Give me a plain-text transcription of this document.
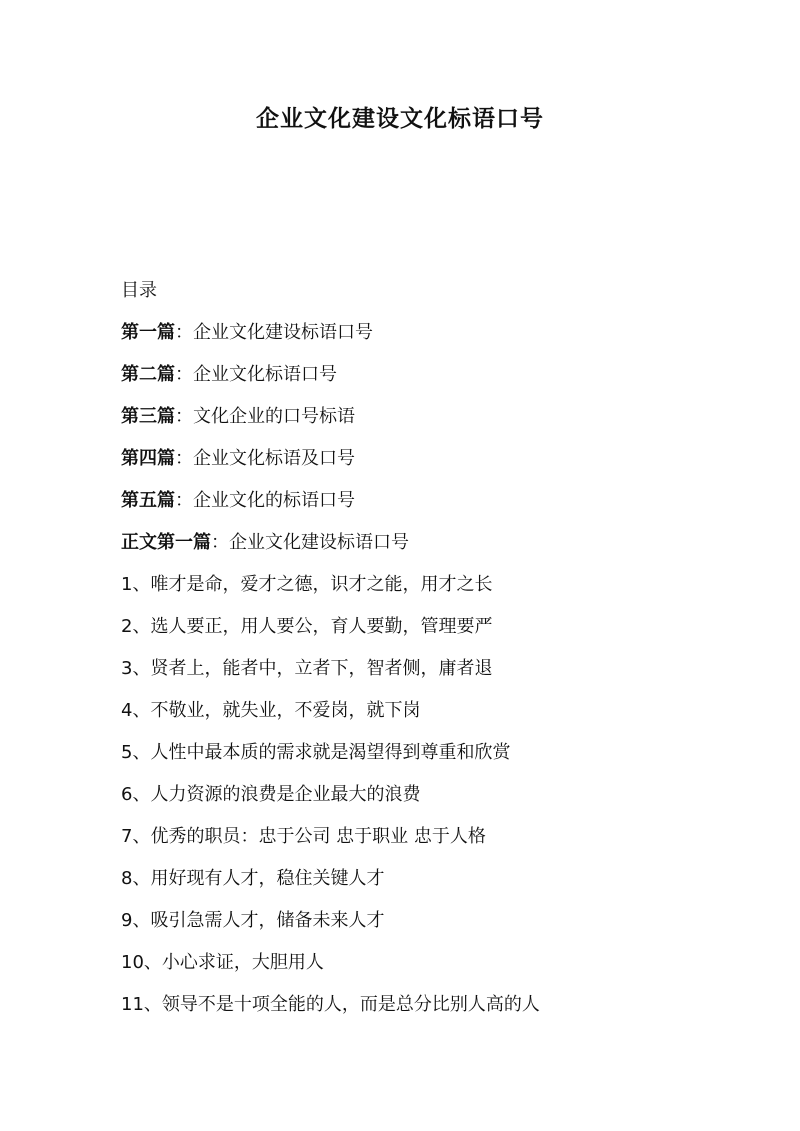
企业文化建设文化标语口号
目录
第一篇：企业文化建设标语口号
第二篇：企业文化标语口号
第三篇：文化企业的口号标语
第四篇：企业文化标语及口号
第五篇：企业文化的标语口号
正文第一篇：企业文化建设标语口号
1、唯才是命，爱才之德，识才之能，用才之长
2、选人要正，用人要公，育人要勤，管理要严
3、贤者上，能者中，立者下，智者侧，庸者退
4、不敬业，就失业，不爱岗，就下岗
5、人性中最本质的需求就是渴望得到尊重和欣赏
6、人力资源的浪费是企业最大的浪费
7、优秀的职员：忠于公司 忠于职业 忠于人格
8、用好现有人才，稳住关键人才
9、吸引急需人才，储备未来人才
10、小心求证，大胆用人
11、领导不是十项全能的人，而是总分比别人高的人
